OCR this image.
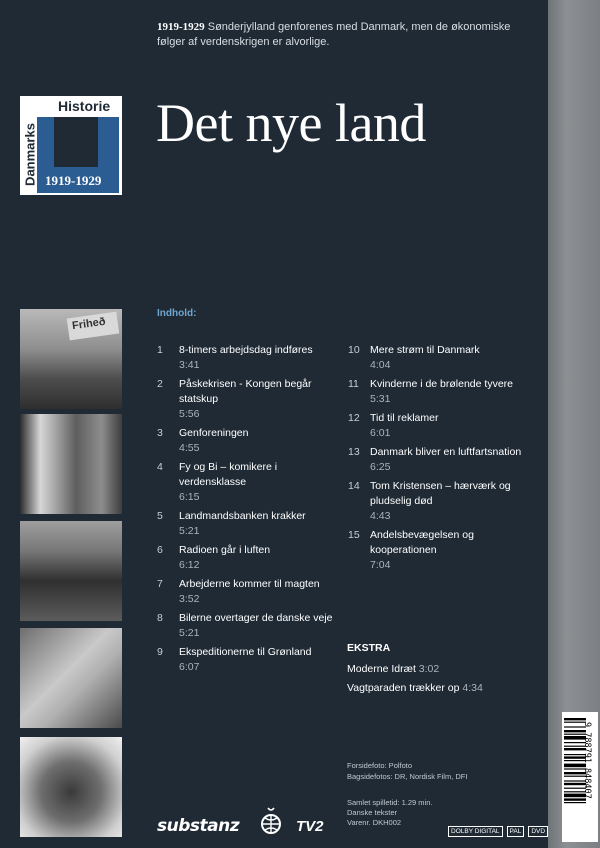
1919-1929 Sønderjylland genforenes med Danmark, men de økonomiske følger af verdenskrigen er alvorlige.
Historie
Danmarks 1919-1929
Det nye land
Friheð
Indhold:
1	8-timers arbejdsdag indføres
3:41
2	Påskekrisen - Kongen begår statskup
5:56
3	Genforeningen
4:55
4	Fy og Bi – komikere i verdensklasse
6:15
5	Landmandsbanken krakker
5:21
6	Radioen går i luften
6:12
7	Arbejderne kommer til magten
3:52
8	Bilerne overtager de danske veje
5:21
9	Ekspeditionerne til Grønland
6:07
10 Mere strøm til Danmark
4:04
11	Kvinderne i de brølende tyvere
5:31
12 Tid til reklamer
6:01
13 Danmark bliver en luftfartsnation
6:25
14 Tom Kristensen – hærværk og pludselig død
4:43
15 Andelsbevægelsen og kooperationen
7:04
EKSTRA
Moderne Idræt 3:02
Vagtparaden trækker op 4:34
Forsidefoto: Polfoto
Bagsidefotos: DR, Nordisk Film, DFI
Samlet spilletid: 1.29 min.
Danske tekster
Varenr. DKH002
substanz	TV2	DOLBY DIGITAL PAL DVD
9 788791 848407
